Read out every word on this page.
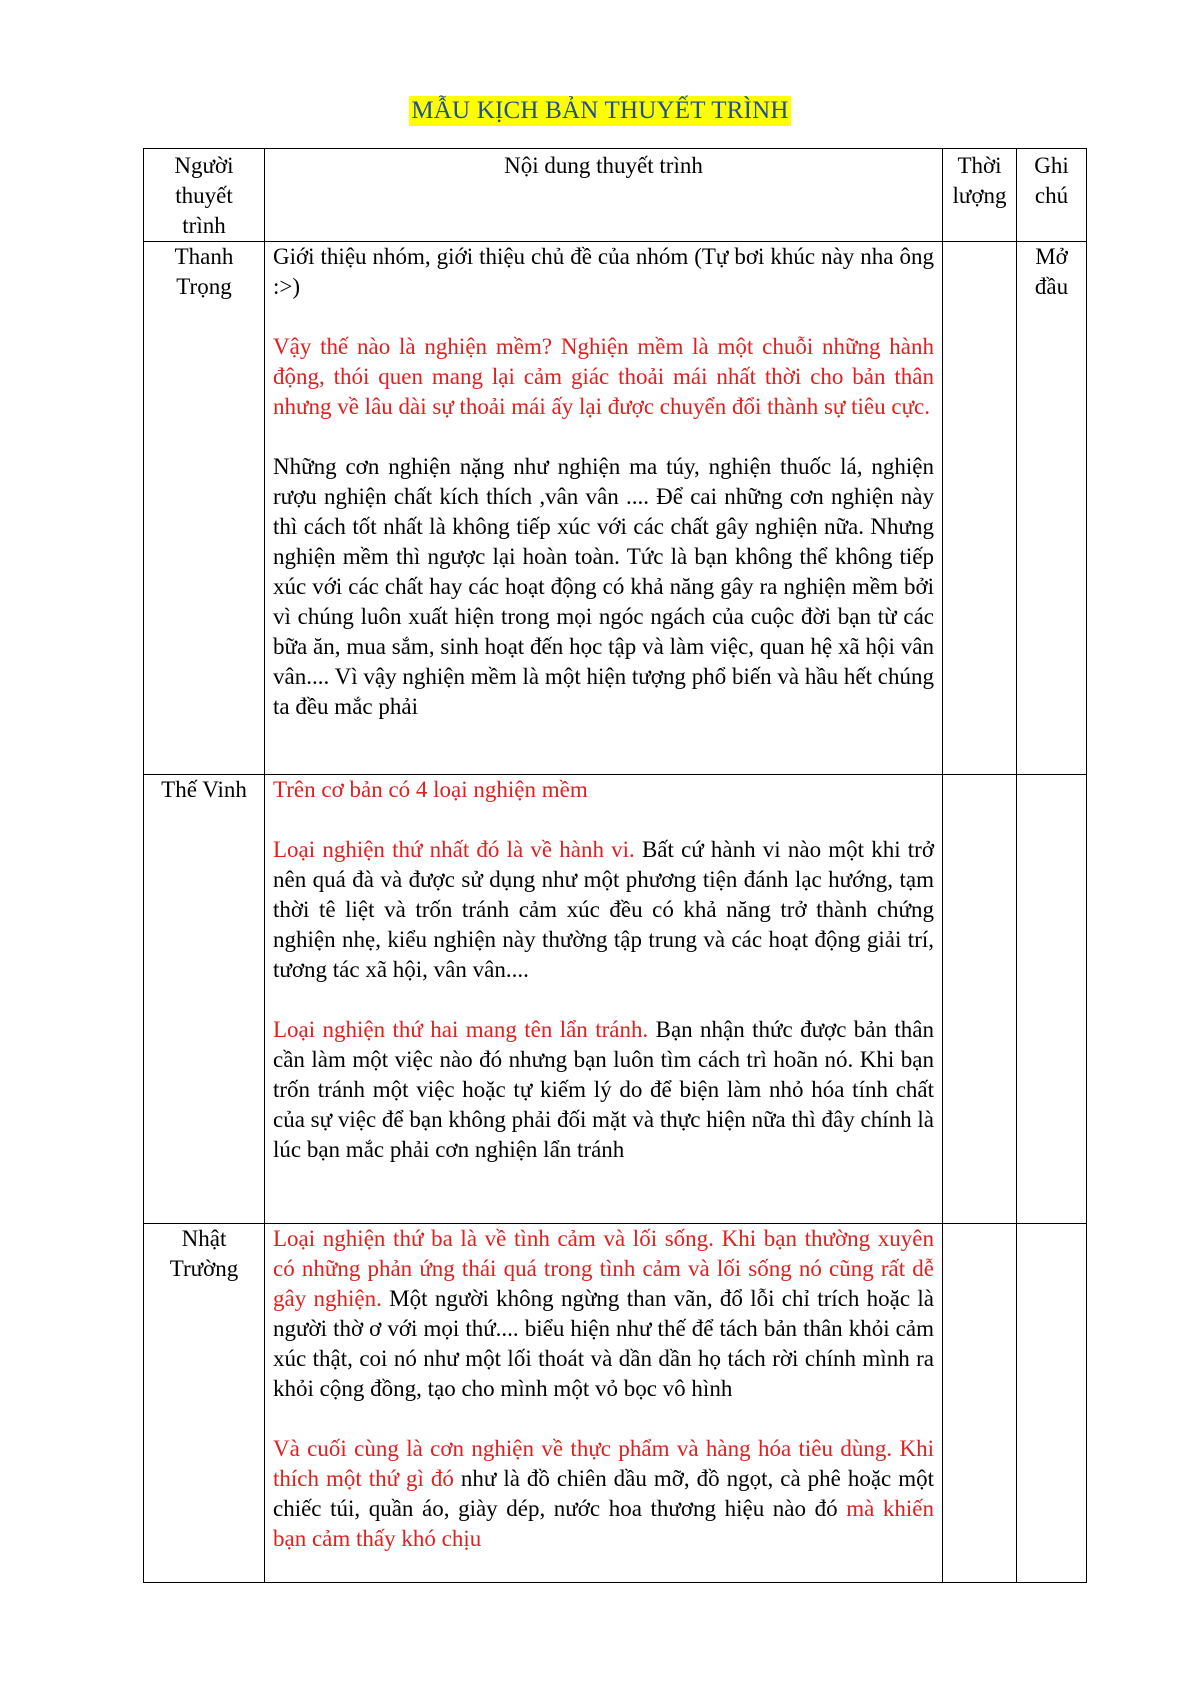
MẪU KỊCH BẢN THUYẾT TRÌNH
Người thuyết trình	Nội dung thuyết trình	Thời lượng	Ghi chú
Thanh Trọng	Giới thiệu nhóm, giới thiệu chủ đề của nhóm (Tự bơi khúc này nha ông :>)

Vậy thế nào là nghiện mềm? Nghiện mềm là một chuỗi những hành động, thói quen mang lại cảm giác thoải mái nhất thời cho bản thân nhưng về lâu dài sự thoải mái ấy lại được chuyển đổi thành sự tiêu cực.

Những cơn nghiện nặng như nghiện ma túy, nghiện thuốc lá, nghiện rượu nghiện chất kích thích ,vân vân .... Để cai những cơn nghiện này thì cách tốt nhất là không tiếp xúc với các chất gây nghiện nữa. Nhưng nghiện mềm thì ngược lại hoàn toàn. Tức là bạn không thể không tiếp xúc với các chất hay các hoạt động có khả năng gây ra nghiện mềm bởi vì chúng luôn xuất hiện trong mọi ngóc ngách của cuộc đời bạn từ các bữa ăn, mua sắm, sinh hoạt đến học tập và làm việc, quan hệ xã hội vân vân.... Vì vậy nghiện mềm là một hiện tượng phổ biến và hầu hết chúng ta đều mắc phải		Mở đầu
Thế Vinh	Trên cơ bản có 4 loại nghiện mềm

Loại nghiện thứ nhất đó là về hành vi. Bất cứ hành vi nào một khi trở nên quá đà và được sử dụng như một phương tiện đánh lạc hướng, tạm thời tê liệt và trốn tránh cảm xúc đều có khả năng trở thành chứng nghiện nhẹ, kiểu nghiện này thường tập trung và các hoạt động giải trí, tương tác xã hội, vân vân....

Loại nghiện thứ hai mang tên lẩn tránh. Bạn nhận thức được bản thân cần làm một việc nào đó nhưng bạn luôn tìm cách trì hoãn nó. Khi bạn trốn tránh một việc hoặc tự kiếm lý do để biện làm nhỏ hóa tính chất của sự việc để bạn không phải đối mặt và thực hiện nữa thì đây chính là lúc bạn mắc phải cơn nghiện lẩn tránh		

Nhật Trường	Loại nghiện thứ ba là về tình cảm và lối sống. Khi bạn thường xuyên có những phản ứng thái quá trong tình cảm và lối sống nó cũng rất dễ gây nghiện. Một người không ngừng than vãn, đổ lỗi chỉ trích hoặc là người thờ ơ với mọi thứ.... biểu hiện như thế để tách bản thân khỏi cảm xúc thật, coi nó như một lối thoát và dần dần họ tách rời chính mình ra khỏi cộng đồng, tạo cho mình một vỏ bọc vô hình

Và cuối cùng là cơn nghiện về thực phẩm và hàng hóa tiêu dùng. Khi thích một thứ gì đó như là đồ chiên dầu mỡ, đồ ngọt, cà phê hoặc một chiếc túi, quần áo, giày dép, nước hoa thương hiệu nào đó mà khiến bạn cảm thấy khó chịu		
